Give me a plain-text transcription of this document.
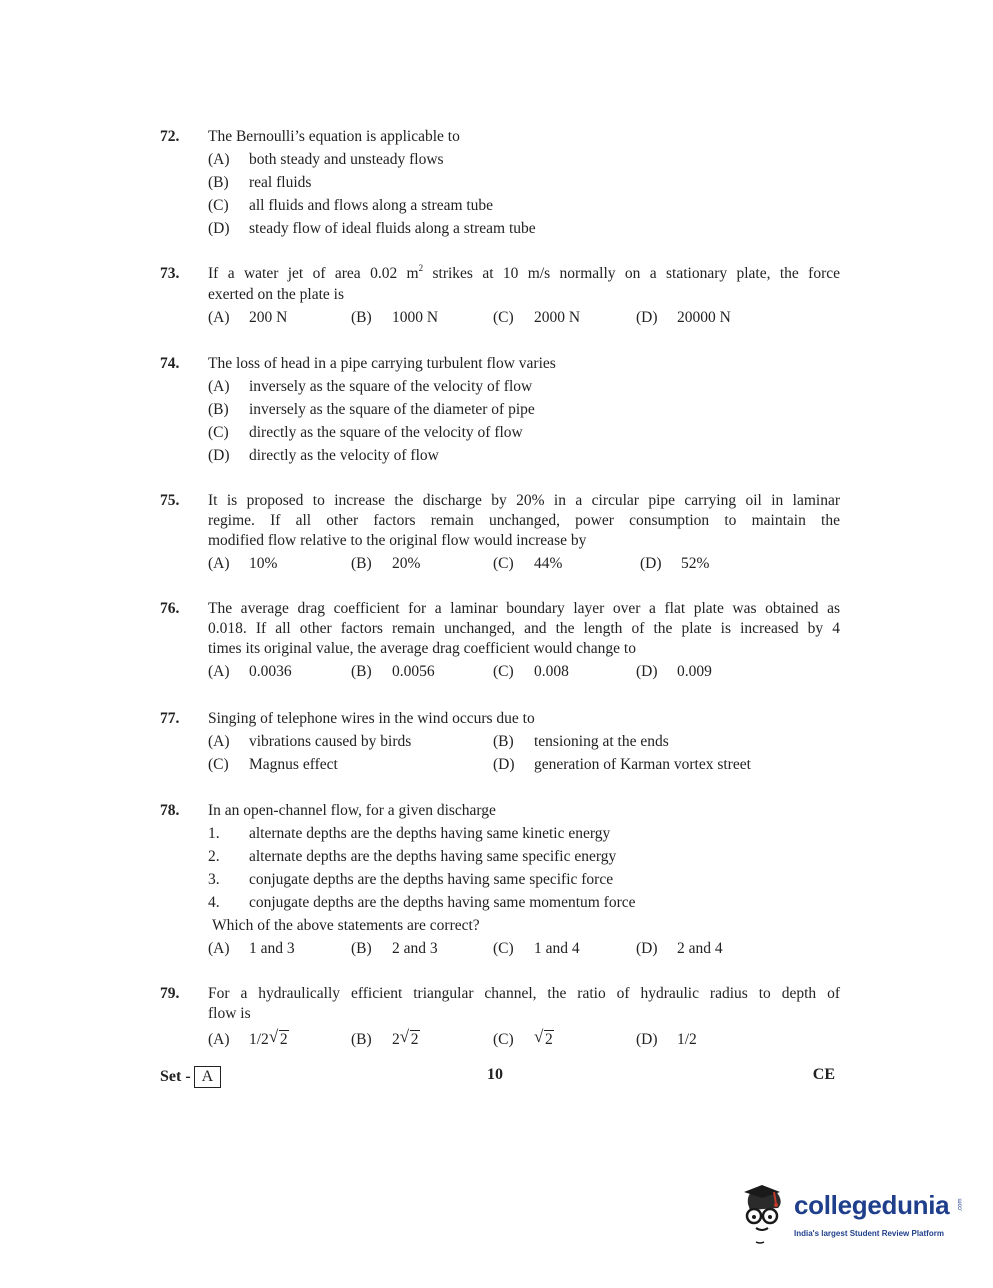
72. The Bernoulli’s equation is applicable to
(A) both steady and unsteady flows
(B) real fluids
(C) all fluids and flows along a stream tube
(D) steady flow of ideal fluids along a stream tube
73. If a water jet of area 0.02 $m^2$ strikes at 10 m/s normally on a stationary plate, the force
exerted on the plate is
(A) 200 N	(B) 1000 N	(C) 2000 N	(D) 20000 N
74. The loss of head in a pipe carrying turbulent flow varies
(A) inversely as the square of the velocity of flow
(B) inversely as the square of the diameter of pipe
(C) directly as the square of the velocity of flow
(D) directly as the velocity of flow
75. It is proposed to increase the discharge by 20% in a circular pipe carrying oil in laminar
regime. If all other factors remain unchanged, power consumption to maintain the
modified flow relative to the original flow would increase by
(A) 10%	(B) 20%	(C) 44%	(D) 52%
76. The average drag coefficient for a laminar boundary layer over a flat plate was obtained as
0.018. If all other factors remain unchanged, and the length of the plate is increased by 4
times its original value, the average drag coefficient would change to
(A) 0.0036	(B) 0.0056	(C) 0.008	(D) 0.009
77. Singing of telephone wires in the wind occurs due to
(A) vibrations caused by birds	(B) tensioning at the ends
(C) Magnus effect	(D) generation of Karman vortex street
78. In an open-channel flow, for a given discharge
1. alternate depths are the depths having same kinetic energy
2. alternate depths are the depths having same specific energy
3. conjugate depths are the depths having same specific force
4. conjugate depths are the depths having same momentum force
Which of the above statements are correct?
(A) 1 and 3	(B) 2 and 3	(C) 1 and 4	(D) 2 and 4
79. For a hydraulically efficient triangular channel, the ratio of hydraulic radius to depth of
flow is
(A) 1/2 √ 2	(B) 2 √ 2	(C) √ 2	(D) 1/2
Set - A	10	CE
collegedunia .com
India's largest Student Review Platform
